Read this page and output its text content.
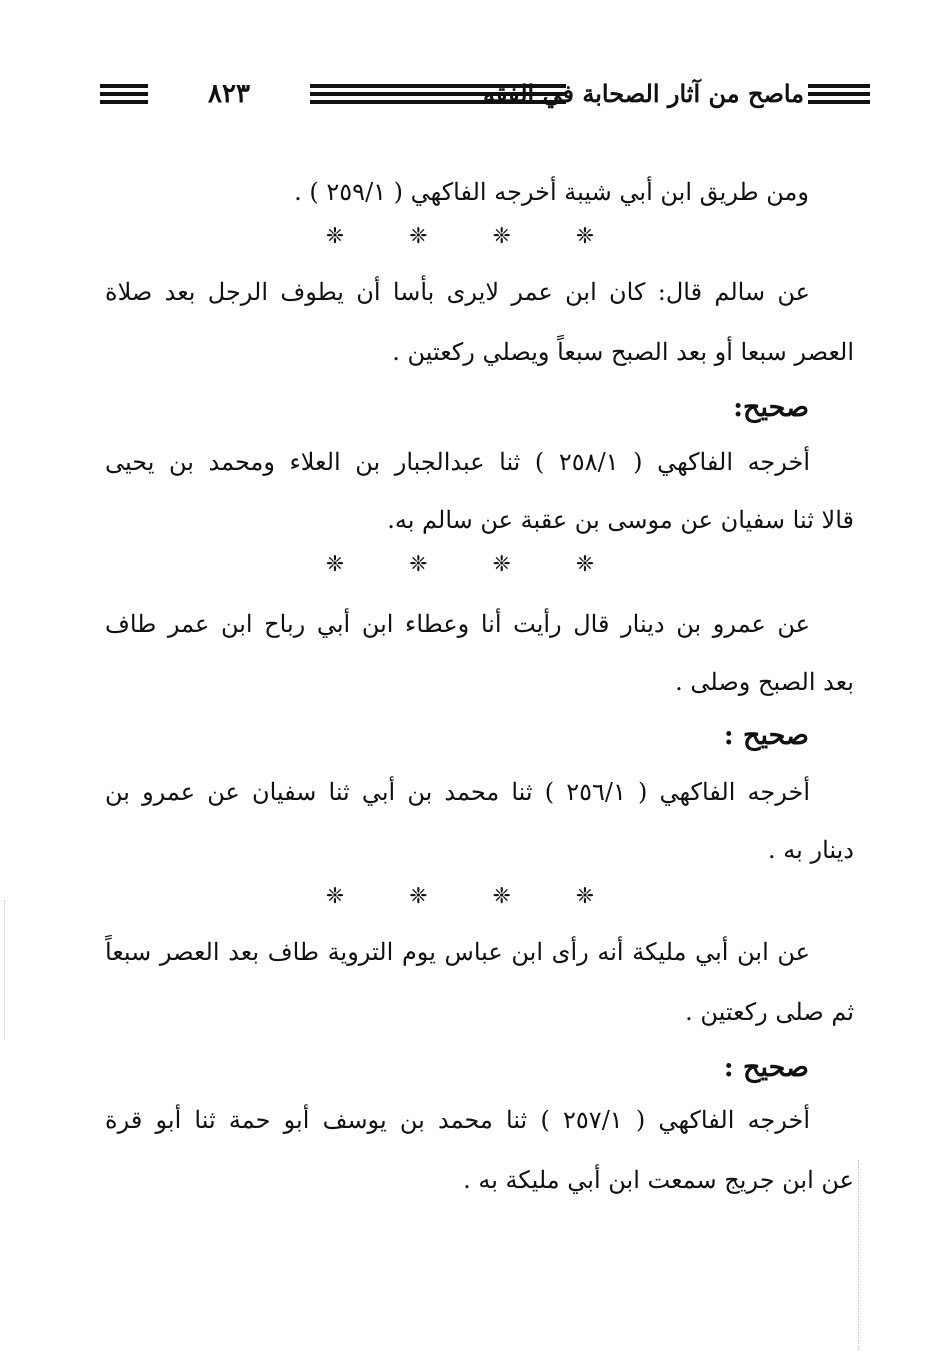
٨٢٣	ماصح من آثار الصحابة في الفقه
ومن طريق ابن أبي شيبة أخرجه الفاكهي ( ٢٥٩/١ ) .
❈
❈
❈
❈
عن سالم قال: كان ابن عمر لايرى بأسا أن يطوف الرجل بعد صلاة
العصر سبعا أو بعد الصبح سبعاً ويصلي ركعتين .
صحيح:
أخرجه الفاكهي ( ٢٥٨/١ ) ثنا عبدالجبار بن العلاء ومحمد بن يحيى
قالا ثنا سفيان عن موسى بن عقبة عن سالم به.
❈
❈
❈
❈
عن عمرو بن دينار قال رأيت أنا وعطاء ابن أبي رباح ابن عمر طاف
بعد الصبح وصلى .
صحيح :
أخرجه الفاكهي ( ٢٥٦/١ ) ثنا محمد بن أبي ثنا سفيان عن عمرو بن
دينار به .
❈
❈
❈
❈
عن ابن أبي مليكة أنه رأى ابن عباس يوم التروية طاف بعد العصر سبعاً
ثم صلى ركعتين .
صحيح :
أخرجه الفاكهي ( ٢٥٧/١ ) ثنا محمد بن يوسف أبو حمة ثنا أبو قرة
عن ابن جريج سمعت ابن أبي مليكة به .
